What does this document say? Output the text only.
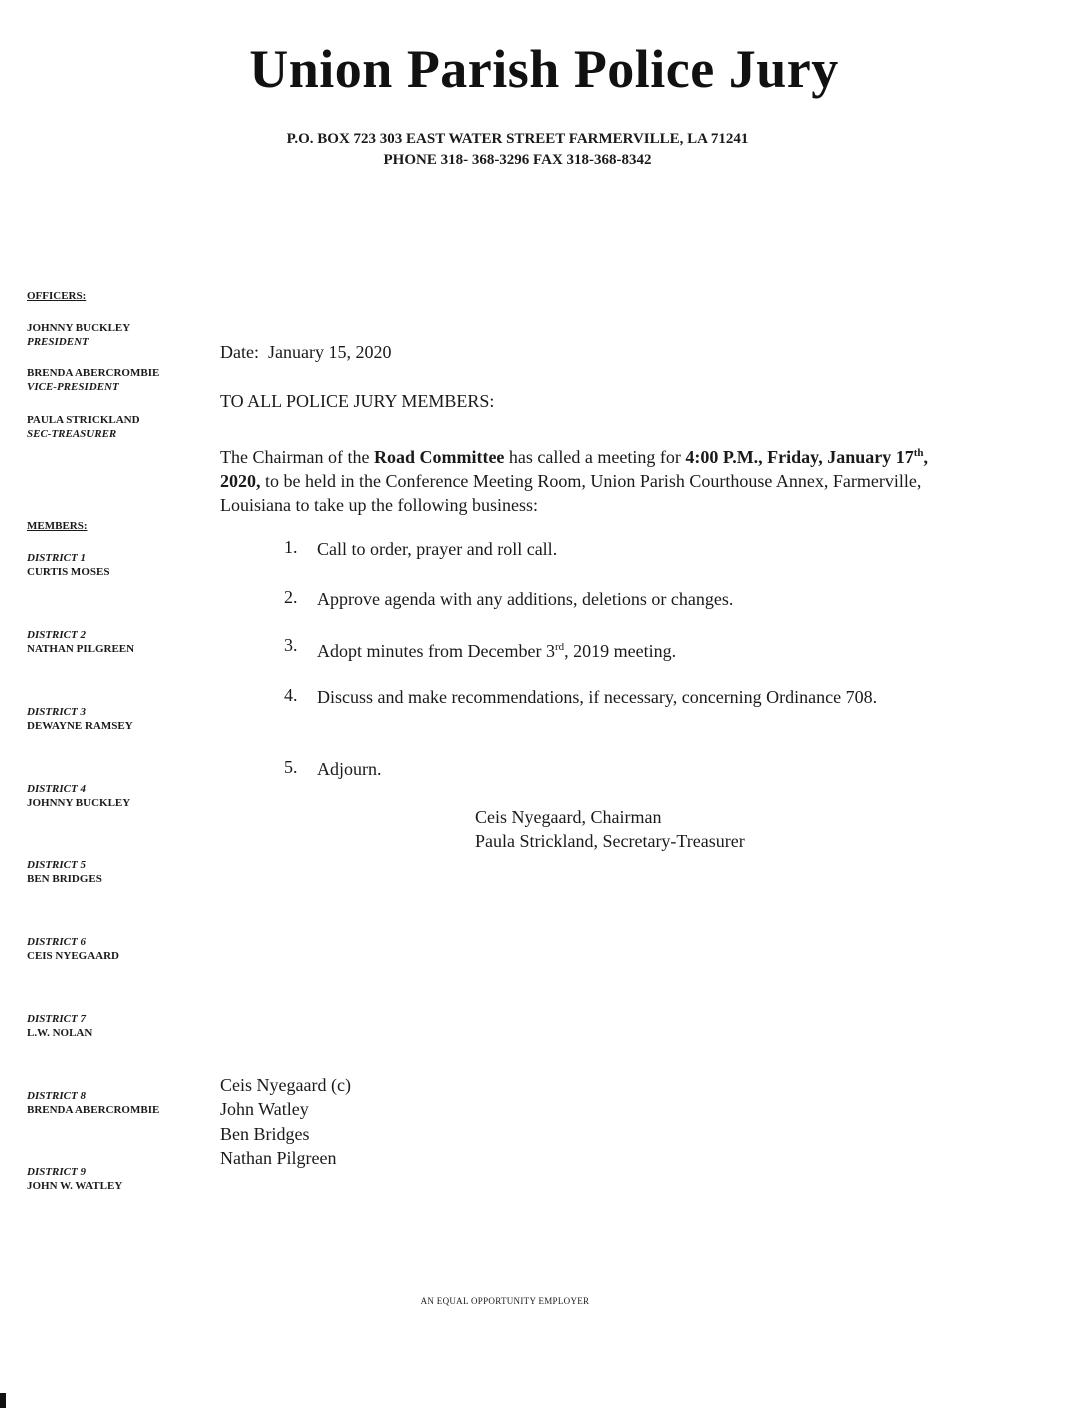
Union Parish Police Jury
P.O. BOX 723 303 EAST WATER STREET FARMERVILLE, LA 71241
PHONE 318- 368-3296 FAX 318-368-8342
OFFICERS:
JOHNNY BUCKLEY
PRESIDENT
BRENDA ABERCROMBIE
VICE-PRESIDENT
PAULA STRICKLAND
SEC-TREASURER
MEMBERS:
DISTRICT 1
CURTIS MOSES
DISTRICT 2
NATHAN PILGREEN
DISTRICT 3
DEWAYNE RAMSEY
DISTRICT 4
JOHNNY BUCKLEY
DISTRICT 5
BEN BRIDGES
DISTRICT 6
CEIS NYEGAARD
DISTRICT 7
L.W. NOLAN
DISTRICT 8
BRENDA ABERCROMBIE
DISTRICT 9
JOHN W. WATLEY
Date: January 15, 2020
TO ALL POLICE JURY MEMBERS:
The Chairman of the Road Committee has called a meeting for 4:00 P.M., Friday, January 17th, 2020, to be held in the Conference Meeting Room, Union Parish Courthouse Annex, Farmerville, Louisiana to take up the following business:
1. Call to order, prayer and roll call.
2. Approve agenda with any additions, deletions or changes.
3. Adopt minutes from December 3rd, 2019 meeting.
4. Discuss and make recommendations, if necessary, concerning Ordinance 708.
5. Adjourn.
Ceis Nyegaard, Chairman
Paula Strickland, Secretary-Treasurer
Ceis Nyegaard (c)
John Watley
Ben Bridges
Nathan Pilgreen
AN EQUAL OPPORTUNITY EMPLOYER
